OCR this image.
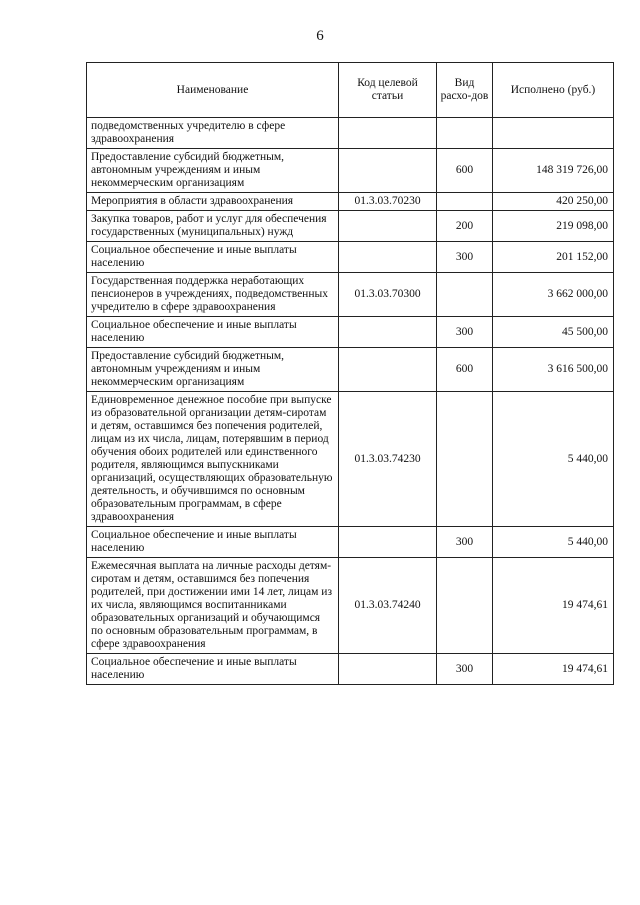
6
Наименование	Код целевой статьи	Вид расхо-дов	Исполнено (руб.)
подведомственных учредителю в сфере здравоохранения			
Предоставление субсидий бюджетным, автономным учреждениям и иным некоммерческим организациям		600	148 319 726,00
Мероприятия в области здравоохранения	01.3.03.70230		420 250,00
Закупка товаров, работ и услуг для обеспечения государственных (муниципальных) нужд		200	219 098,00
Социальное обеспечение и иные выплаты населению		300	201 152,00
Государственная поддержка неработающих пенсионеров в учреждениях, подведомственных учредителю в сфере здравоохранения	01.3.03.70300		3 662 000,00
Социальное обеспечение и иные выплаты населению		300	45 500,00
Предоставление субсидий бюджетным, автономным учреждениям и иным некоммерческим организациям		600	3 616 500,00
Единовременное денежное пособие при выпуске из образовательной организации детям-сиротам и детям, оставшимся без попечения родителей, лицам из их числа, лицам, потерявшим в период обучения обоих родителей или единственного родителя, являющимся выпускниками организаций, осуществляющих образовательную деятельность, и обучившимся по основным образовательным программам, в сфере здравоохранения	01.3.03.74230		5 440,00
Социальное обеспечение и иные выплаты населению		300	5 440,00
Ежемесячная выплата на личные расходы детям-сиротам и детям, оставшимся без попечения родителей, при достижении ими 14 лет, лицам из их числа, являющимся воспитанниками образовательных организаций и обучающимся по основным образовательным программам, в сфере здравоохранения	01.3.03.74240		19 474,61
Социальное обеспечение и иные выплаты населению		300	19 474,61
